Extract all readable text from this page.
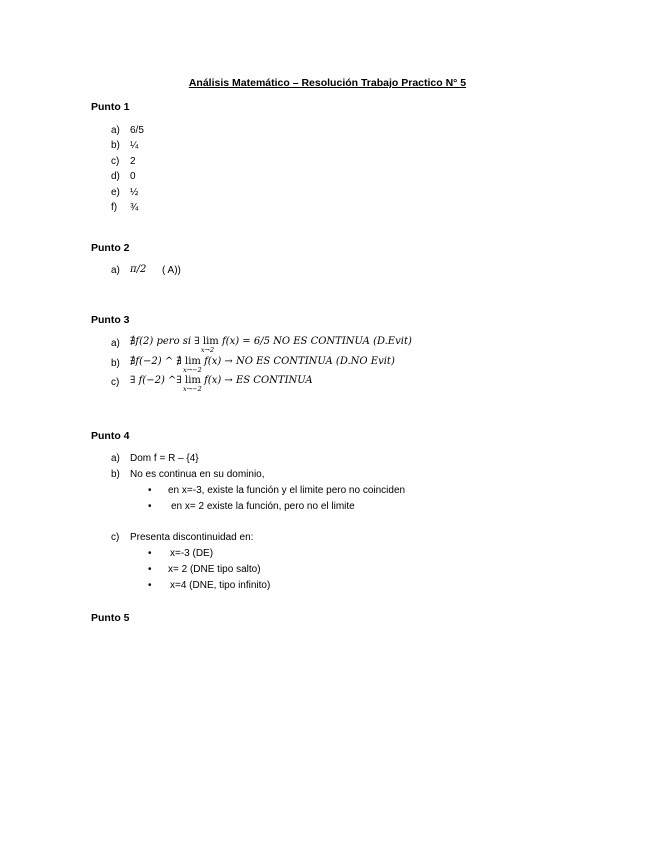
Análisis Matemático – Resolución Trabajo Practico N° 5
Punto 1
a) 6/5
b) ¼
c) 2
d) 0
e) ½
f) ¾
Punto 2
a) π/2 ( A))
Punto 3
a) ∄f(2) pero si ∃ lim
x→2
f(x) = 6/5 NO ES CONTINUA (D.Evit)
b) ∄f(−2) ^ ∄ lim
x→−2
f(x) → NO ES CONTINUA (D.NO Evit)
c) ∃ f(−2) ^∃ lim
x→−2
f(x) → ES CONTINUA
Punto 4
a) Dom f = R – {4}
b) No es continua en su dominio,
• en x=-3, existe la función y el limite pero no coinciden
• en x= 2 existe la función, pero no el limite
c) Presenta discontinuidad en:
• x=-3 (DE)
• x= 2 (DNE tipo salto)
• x=4 (DNE, tipo infinito)
Punto 5
